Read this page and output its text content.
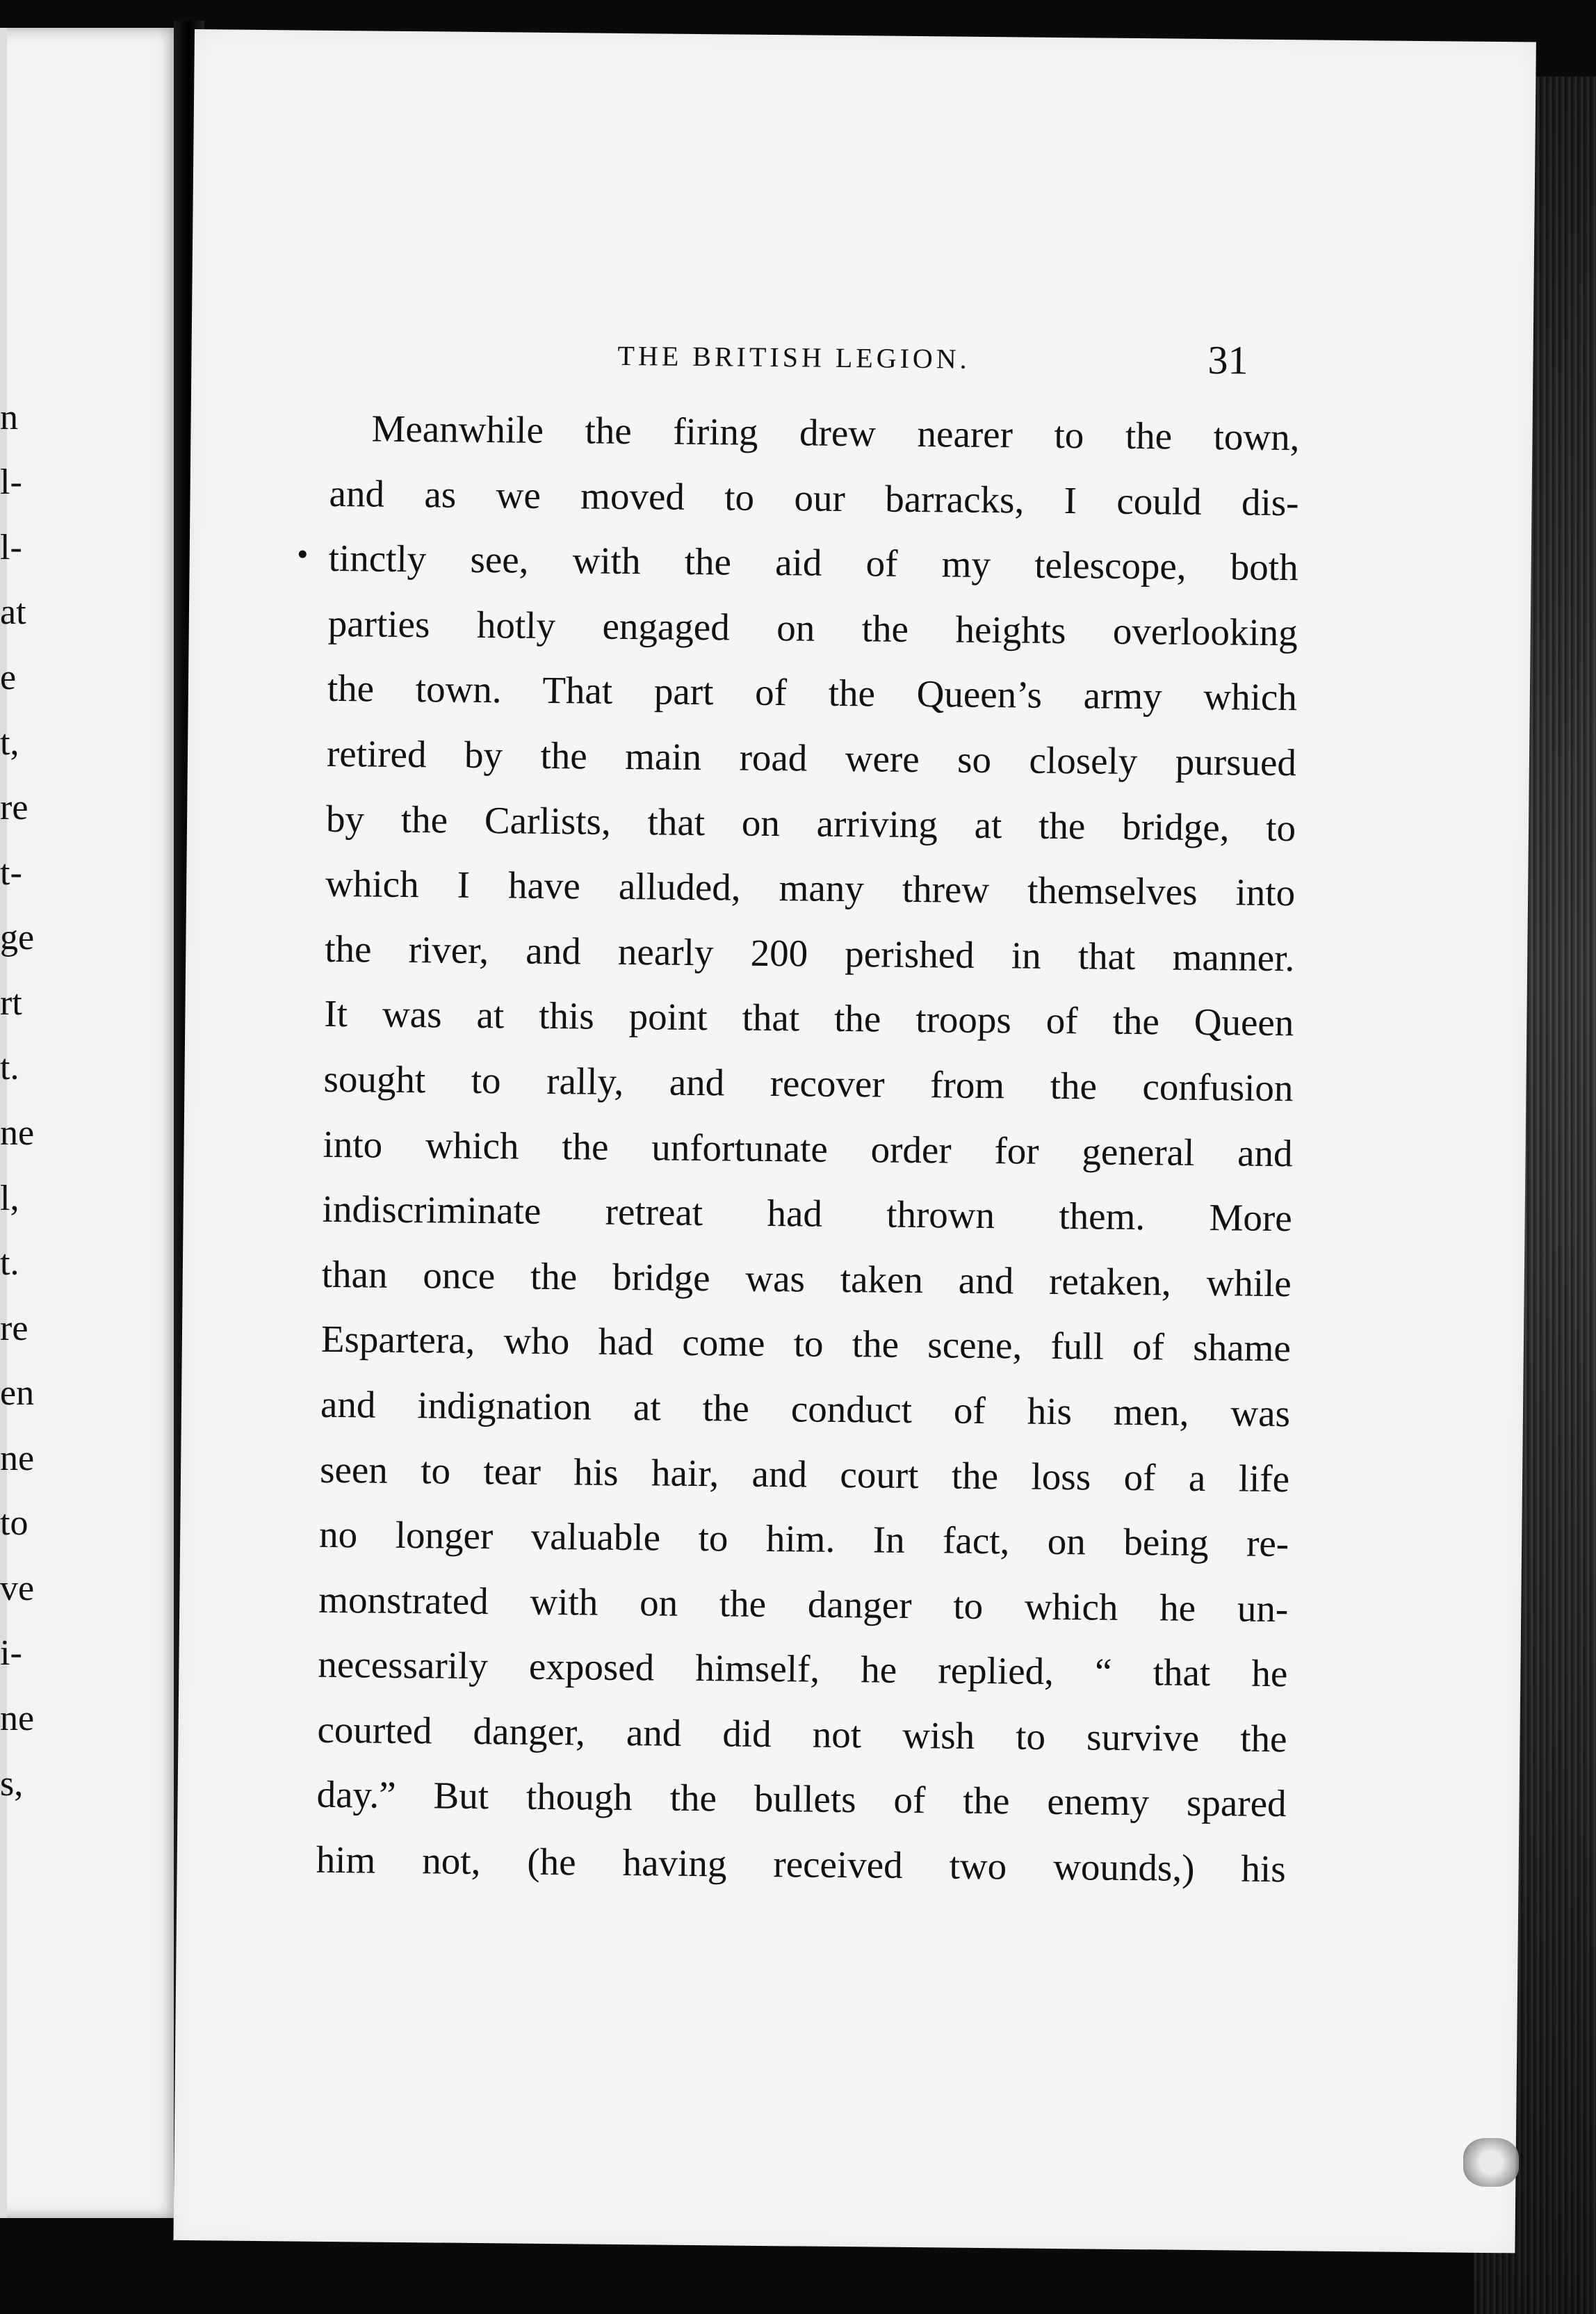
n
l-
l-
at
e
t,
re
t-
ge
rt
t.
ne
l,
t.
re
en
ne
to
ve
i-
ne
s,
THE BRITISH LEGION.	31
Meanwhile the firing drew nearer to the town,
and as we moved to our barracks, I could dis-
tinctly see, with the aid of my telescope, both
parties hotly engaged on the heights overlooking
the town. That part of the Queen’s army which
retired by the main road were so closely pursued
by the Carlists, that on arriving at the bridge, to
which I have alluded, many threw themselves into
the river, and nearly 200 perished in that manner.
It was at this point that the troops of the Queen
sought to rally, and recover from the confusion
into which the unfortunate order for general and
indiscriminate retreat had thrown them. More
than once the bridge was taken and retaken, while
Espartera, who had come to the scene, full of shame
and indignation at the conduct of his men, was
seen to tear his hair, and court the loss of a life
no longer valuable to him. In fact, on being re-
monstrated with on the danger to which he un-
necessarily exposed himself, he replied, “ that he
courted danger, and did not wish to survive the
day.” But though the bullets of the enemy spared
him not, (he having received two wounds,) his
